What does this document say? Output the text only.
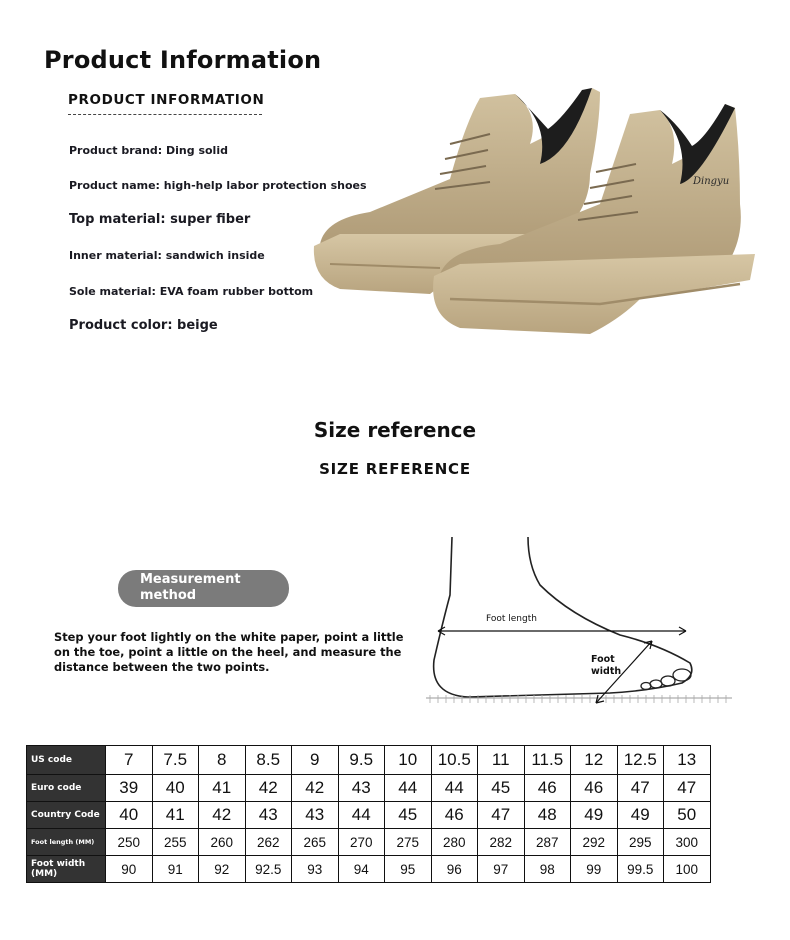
Product Information
PRODUCT INFORMATION
Product brand: Ding solid
Product name: high-help labor protection shoes
Top material: super fiber
Inner material: sandwich inside
Sole material: EVA foam rubber bottom
Product color: beige
Dingyu
Size reference
SIZE REFERENCE
Measurement method
Step your foot lightly on the white paper, point a little on the toe, point a little on the heel, and measure the distance between the two points.
Foot length
Foot width
US code	7	7.5	8	8.5	9	9.5	10	10.5	11	11.5	12	12.5	13
Euro code	39	40	41	42	42	43	44	44	45	46	46	47	47
Country Code	40	41	42	43	43	44	45	46	47	48	49	49	50
Foot length (MM)	250	255	260	262	265	270	275	280	282	287	292	295	300
Foot width (MM)	90	91	92	92.5	93	94	95	96	97	98	99	99.5	100
